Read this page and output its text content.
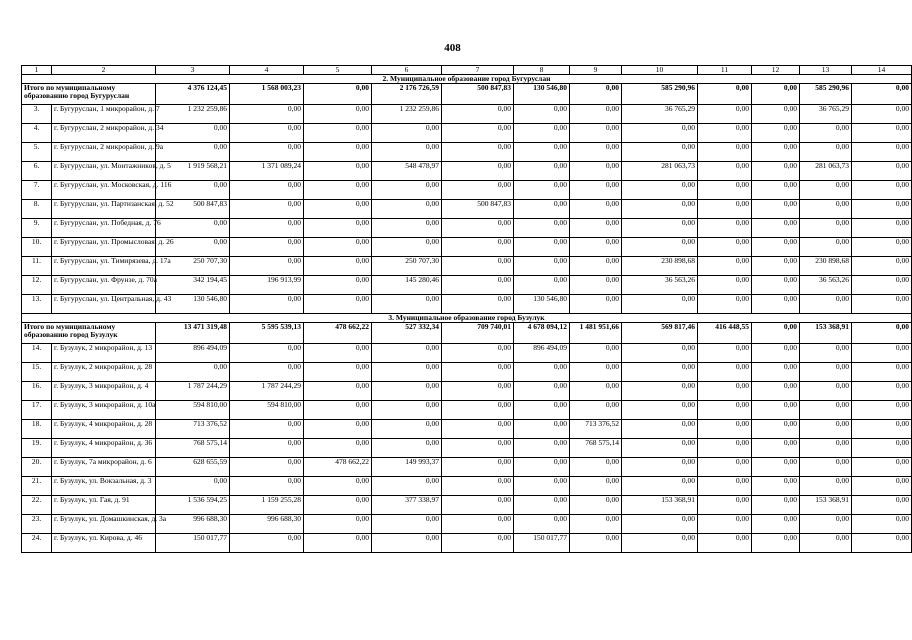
408
1	2	3	4	5	6	7	8	9	10	11	12	13	14
2. Муниципальное образование город Бугуруслан													
Итого по муниципальному образованию город Бугуруслан		4 376 124,45	1 568 003,23	0,00	2 176 726,59	500 847,83	130 546,80	0,00	585 290,96	0,00	0,00	585 290,96	0,00
3.	г. Бугуруслан, 1 микрорайон, д. 7	1 232 259,86	0,00	0,00	1 232 259,86	0,00	0,00	0,00	36 765,29	0,00	0,00	36 765,29	0,00
4.	г. Бугуруслан, 2 микрорайон, д. 34	0,00	0,00	0,00	0,00	0,00	0,00	0,00	0,00	0,00	0,00	0,00	0,00
5.	г. Бугуруслан, 2 микрорайон, д. 9а	0,00	0,00	0,00	0,00	0,00	0,00	0,00	0,00	0,00	0,00	0,00	0,00
6.	г. Бугуруслан, ул. Монтажников, д. 5	1 919 568,21	1 371 089,24	0,00	548 478,97	0,00	0,00	0,00	281 063,73	0,00	0,00	281 063,73	0,00
7.	г. Бугуруслан, ул. Московская, д. 116	0,00	0,00	0,00	0,00	0,00	0,00	0,00	0,00	0,00	0,00	0,00	0,00
8.	г. Бугуруслан, ул. Партизанская, д. 52	500 847,83	0,00	0,00	0,00	500 847,83	0,00	0,00	0,00	0,00	0,00	0,00	0,00
9.	г. Бугуруслан, ул. Победная, д. 76	0,00	0,00	0,00	0,00	0,00	0,00	0,00	0,00	0,00	0,00	0,00	0,00
10.	г. Бугуруслан, ул. Промысловая, д. 26	0,00	0,00	0,00	0,00	0,00	0,00	0,00	0,00	0,00	0,00	0,00	0,00
11.	г. Бугуруслан, ул. Тимирязева, д. 17а	250 707,30	0,00	0,00	250 707,30	0,00	0,00	0,00	230 898,68	0,00	0,00	230 898,68	0,00
12.	г. Бугуруслан, ул. Фрунзе, д. 70а	342 194,45	196 913,99	0,00	145 280,46	0,00	0,00	0,00	36 563,26	0,00	0,00	36 563,26	0,00
13.	г. Бугуруслан, ул. Центральная, д. 43	130 546,80	0,00	0,00	0,00	0,00	130 546,80	0,00	0,00	0,00	0,00	0,00	0,00
3. Муниципальное образование город Бузулук													
Итого по муниципальному образованию город Бузулук		13 471 319,48	5 595 539,13	478 662,22	527 332,34	709 740,01	4 678 094,12	1 481 951,66	569 817,46	416 448,55	0,00	153 368,91	0,00
14.	г. Бузулук, 2 микрорайон, д. 13	896 494,09	0,00	0,00	0,00	0,00	896 494,09	0,00	0,00	0,00	0,00	0,00	0,00
15.	г. Бузулук, 2 микрорайон, д. 28	0,00	0,00	0,00	0,00	0,00	0,00	0,00	0,00	0,00	0,00	0,00	0,00
16.	г. Бузулук, 3 микрорайон, д. 4	1 787 244,29	1 787 244,29	0,00	0,00	0,00	0,00	0,00	0,00	0,00	0,00	0,00	0,00
17.	г. Бузулук, 3 микрорайон, д. 10а	594 810,00	594 810,00	0,00	0,00	0,00	0,00	0,00	0,00	0,00	0,00	0,00	0,00
18.	г. Бузулук, 4 микрорайон, д. 28	713 376,52	0,00	0,00	0,00	0,00	0,00	713 376,52	0,00	0,00	0,00	0,00	0,00
19.	г. Бузулук, 4 микрорайон, д. 36	768 575,14	0,00	0,00	0,00	0,00	0,00	768 575,14	0,00	0,00	0,00	0,00	0,00
20.	г. Бузулук, 7а микрорайон, д. 6	628 655,59	0,00	478 662,22	149 993,37	0,00	0,00	0,00	0,00	0,00	0,00	0,00	0,00
21.	г. Бузулук, ул. Вокзальная, д. 3	0,00	0,00	0,00	0,00	0,00	0,00	0,00	0,00	0,00	0,00	0,00	0,00
22.	г. Бузулук, ул. Гая, д. 91	1 536 594,25	1 159 255,28	0,00	377 338,97	0,00	0,00	0,00	153 368,91	0,00	0,00	153 368,91	0,00
23.	г. Бузулук, ул. Домашкинская, д. 3а	996 688,30	996 688,30	0,00	0,00	0,00	0,00	0,00	0,00	0,00	0,00	0,00	0,00
24.	г. Бузулук, ул. Кирова, д. 46	150 017,77	0,00	0,00	0,00	0,00	150 017,77	0,00	0,00	0,00	0,00	0,00	0,00
